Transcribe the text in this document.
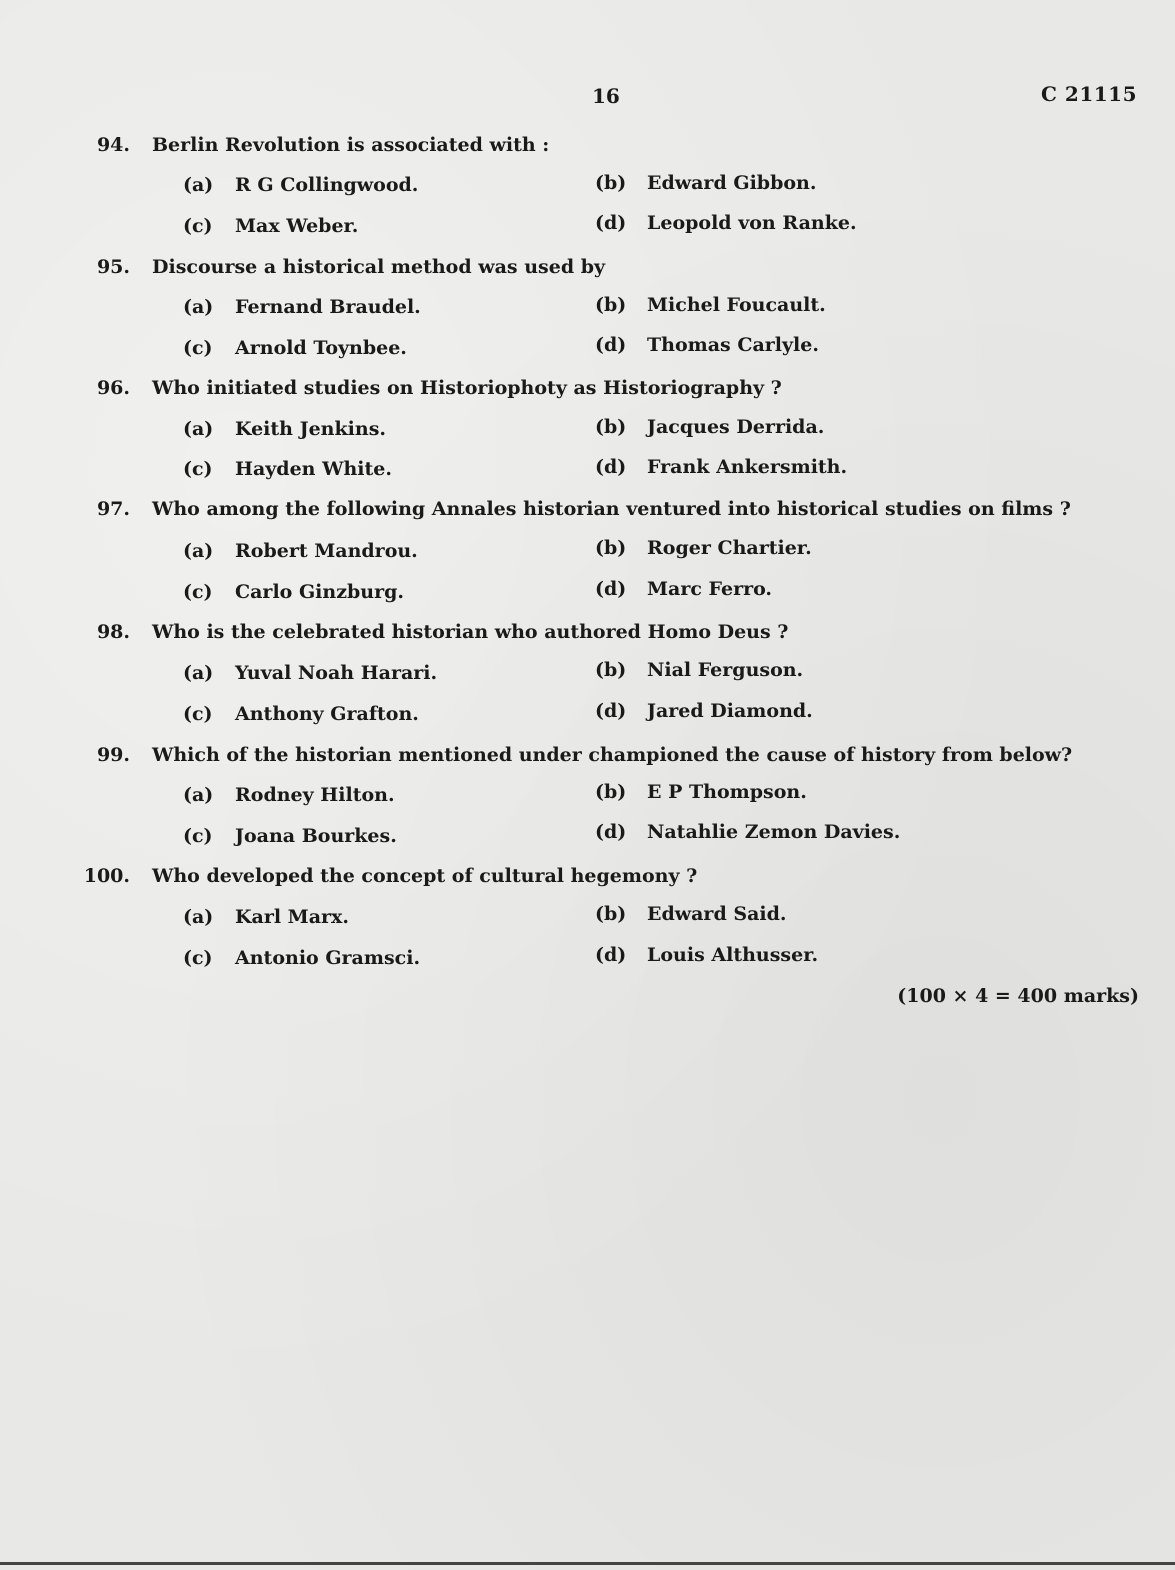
16	C 21115
94. Berlin Revolution is associated with :
(a) R G Collingwood.	(b) Edward Gibbon.
(c) Max Weber.	(d) Leopold von Ranke.
95. Discourse a historical method was used by
(a) Fernand Braudel.	(b) Michel Foucault.
(c) Arnold Toynbee.	(d) Thomas Carlyle.
96. Who initiated studies on Historiophoty as Historiography ?
(a) Keith Jenkins.	(b) Jacques Derrida.
(c) Hayden White.	(d) Frank Ankersmith.
97. Who among the following Annales historian ventured into historical studies on films ?
(a) Robert Mandrou.	(b) Roger Chartier.
(c) Carlo Ginzburg.	(d) Marc Ferro.
98. Who is the celebrated historian who authored Homo Deus ?
(a) Yuval Noah Harari.	(b) Nial Ferguson.
(c) Anthony Grafton.	(d) Jared Diamond.
99. Which of the historian mentioned under championed the cause of history from below?
(a) Rodney Hilton.	(b) E P Thompson.
(c) Joana Bourkes.	(d) Natahlie Zemon Davies.
100. Who developed the concept of cultural hegemony ?
(a) Karl Marx.	(b) Edward Said.
(c) Antonio Gramsci.	(d) Louis Althusser.
(100 × 4 = 400 marks)
